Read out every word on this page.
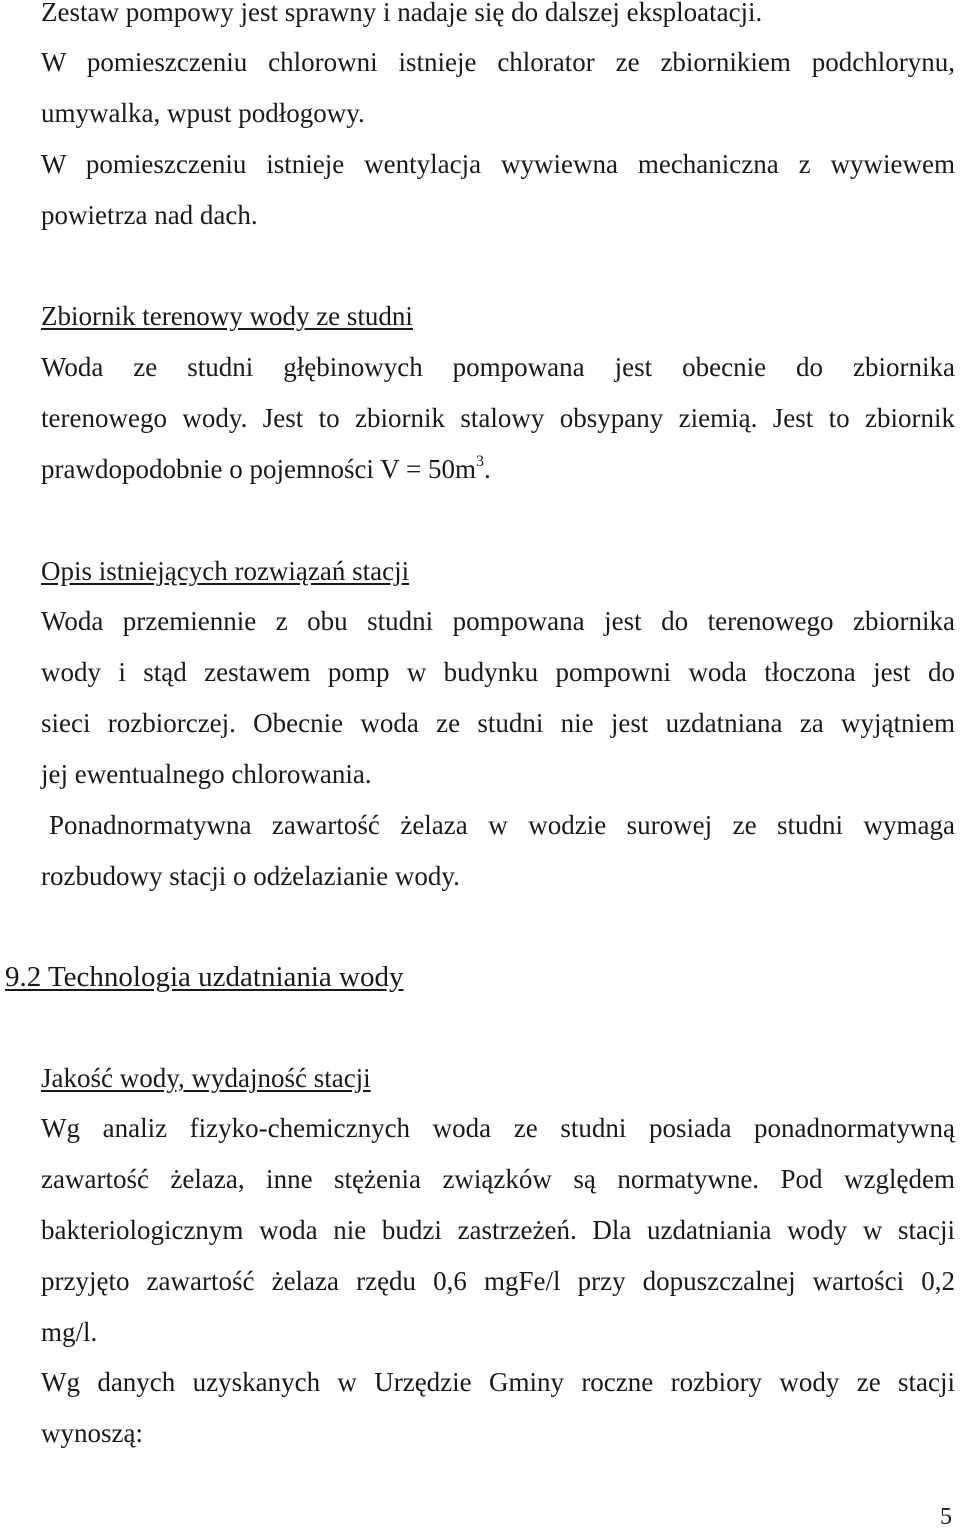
Zestaw pompowy jest sprawny i nadaje się do dalszej eksploatacji.
W pomieszczeniu chlorowni istnieje chlorator ze zbiornikiem podchlorynu,
umywalka, wpust podłogowy.
W pomieszczeniu istnieje wentylacja wywiewna mechaniczna z wywiewem
powietrza nad dach.
Zbiornik terenowy wody ze studni
Woda ze studni głębinowych pompowana jest obecnie do zbiornika
terenowego wody. Jest to zbiornik stalowy obsypany ziemią. Jest to zbiornik
prawdopodobnie o pojemności $V = 50m^3$.
Opis istniejących rozwiązań stacji
Woda przemiennie z obu studni pompowana jest do terenowego zbiornika
wody i stąd zestawem pomp w budynku pompowni woda tłoczona jest do
sieci rozbiorczej. Obecnie woda ze studni nie jest uzdatniana za wyjątniem
jej ewentualnego chlorowania.
Ponadnormatywna zawartość żelaza w wodzie surowej ze studni wymaga
rozbudowy stacji o odżelazianie wody.
9.2 Technologia uzdatniania wody
Jakość wody, wydajność stacji
Wg analiz fizyko-chemicznych woda ze studni posiada ponadnormatywną
zawartość żelaza, inne stężenia związków są normatywne. Pod względem
bakteriologicznym woda nie budzi zastrzeżeń. Dla uzdatniania wody w stacji
przyjęto zawartość żelaza rzędu 0,6 mgFe/l przy dopuszczalnej wartości 0,2
mg/l.
Wg danych uzyskanych w Urzędzie Gminy roczne rozbiory wody ze stacji
wynoszą:
5
